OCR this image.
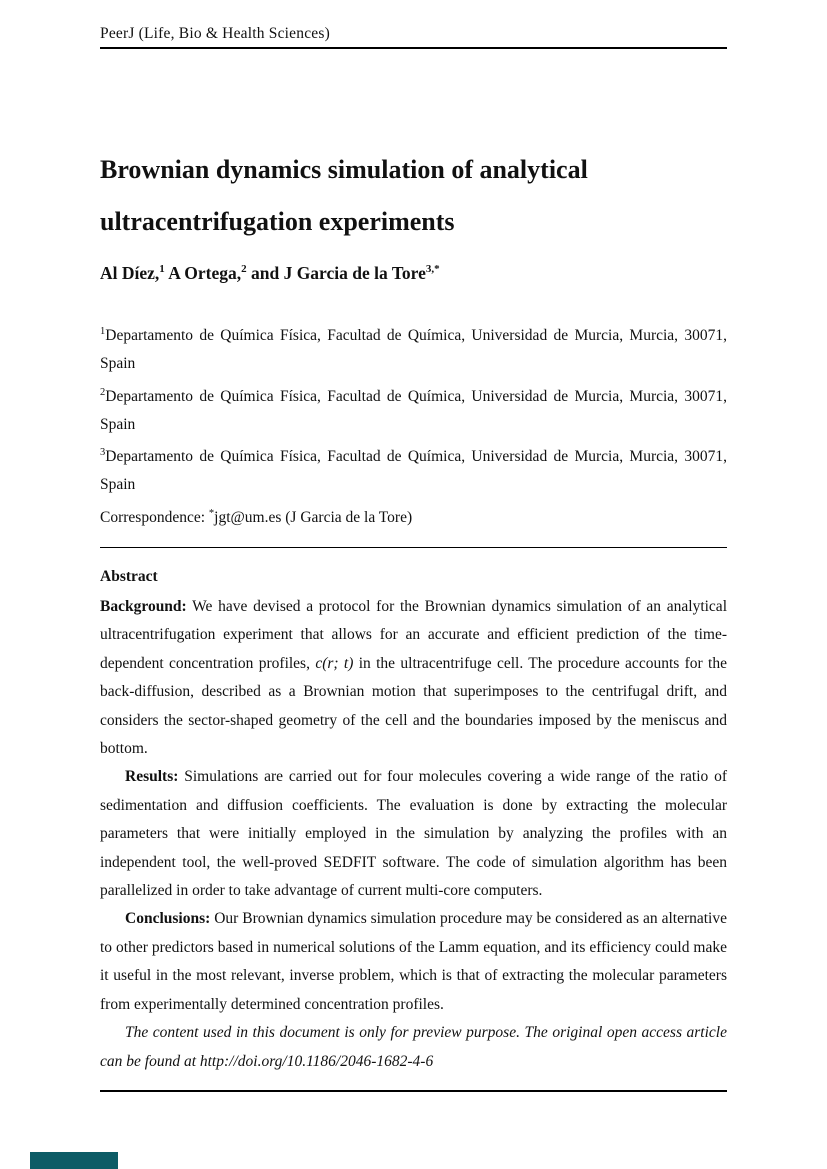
PeerJ (Life, Bio & Health Sciences)
Brownian dynamics simulation of analytical ultracentrifugation experiments
Al Díez,$^1$ A Ortega,$^2$ and J Garcia de la Tore$^{3,*}$

$^1$Departamento de Química Física, Facultad de Química, Universidad de Murcia, Murcia, 30071, Spain

$^2$Departamento de Química Física, Facultad de Química, Universidad de Murcia, Murcia, 30071, Spain

$^3$Departamento de Química Física, Facultad de Química, Universidad de Murcia, Murcia, 30071, Spain

Correspondence: *jgt@um.es (J Garcia de la Tore)

Abstract

Background: We have devised a protocol for the Brownian dynamics simulation of an analytical ultracentrifugation experiment that allows for an accurate and efficient prediction of the time-dependent concentration profiles, c(r; t) in the ultracentrifuge cell. The procedure accounts for the back-diffusion, described as a Brownian motion that superimposes to the centrifugal drift, and considers the sector-shaped geometry of the cell and the boundaries imposed by the meniscus and bottom.

Results: Simulations are carried out for four molecules covering a wide range of the ratio of sedimentation and diffusion coefficients. The evaluation is done by extracting the molecular parameters that were initially employed in the simulation by analyzing the profiles with an independent tool, the well-proved SEDFIT software. The code of simulation algorithm has been parallelized in order to take advantage of current multi-core computers.

Conclusions: Our Brownian dynamics simulation procedure may be considered as an alternative to other predictors based in numerical solutions of the Lamm equation, and its efficiency could make it useful in the most relevant, inverse problem, which is that of extracting the molecular parameters from experimentally determined concentration profiles.

The content used in this document is only for preview purpose. The original open access article can be found at http://doi.org/10.1186/2046-1682-4-6
